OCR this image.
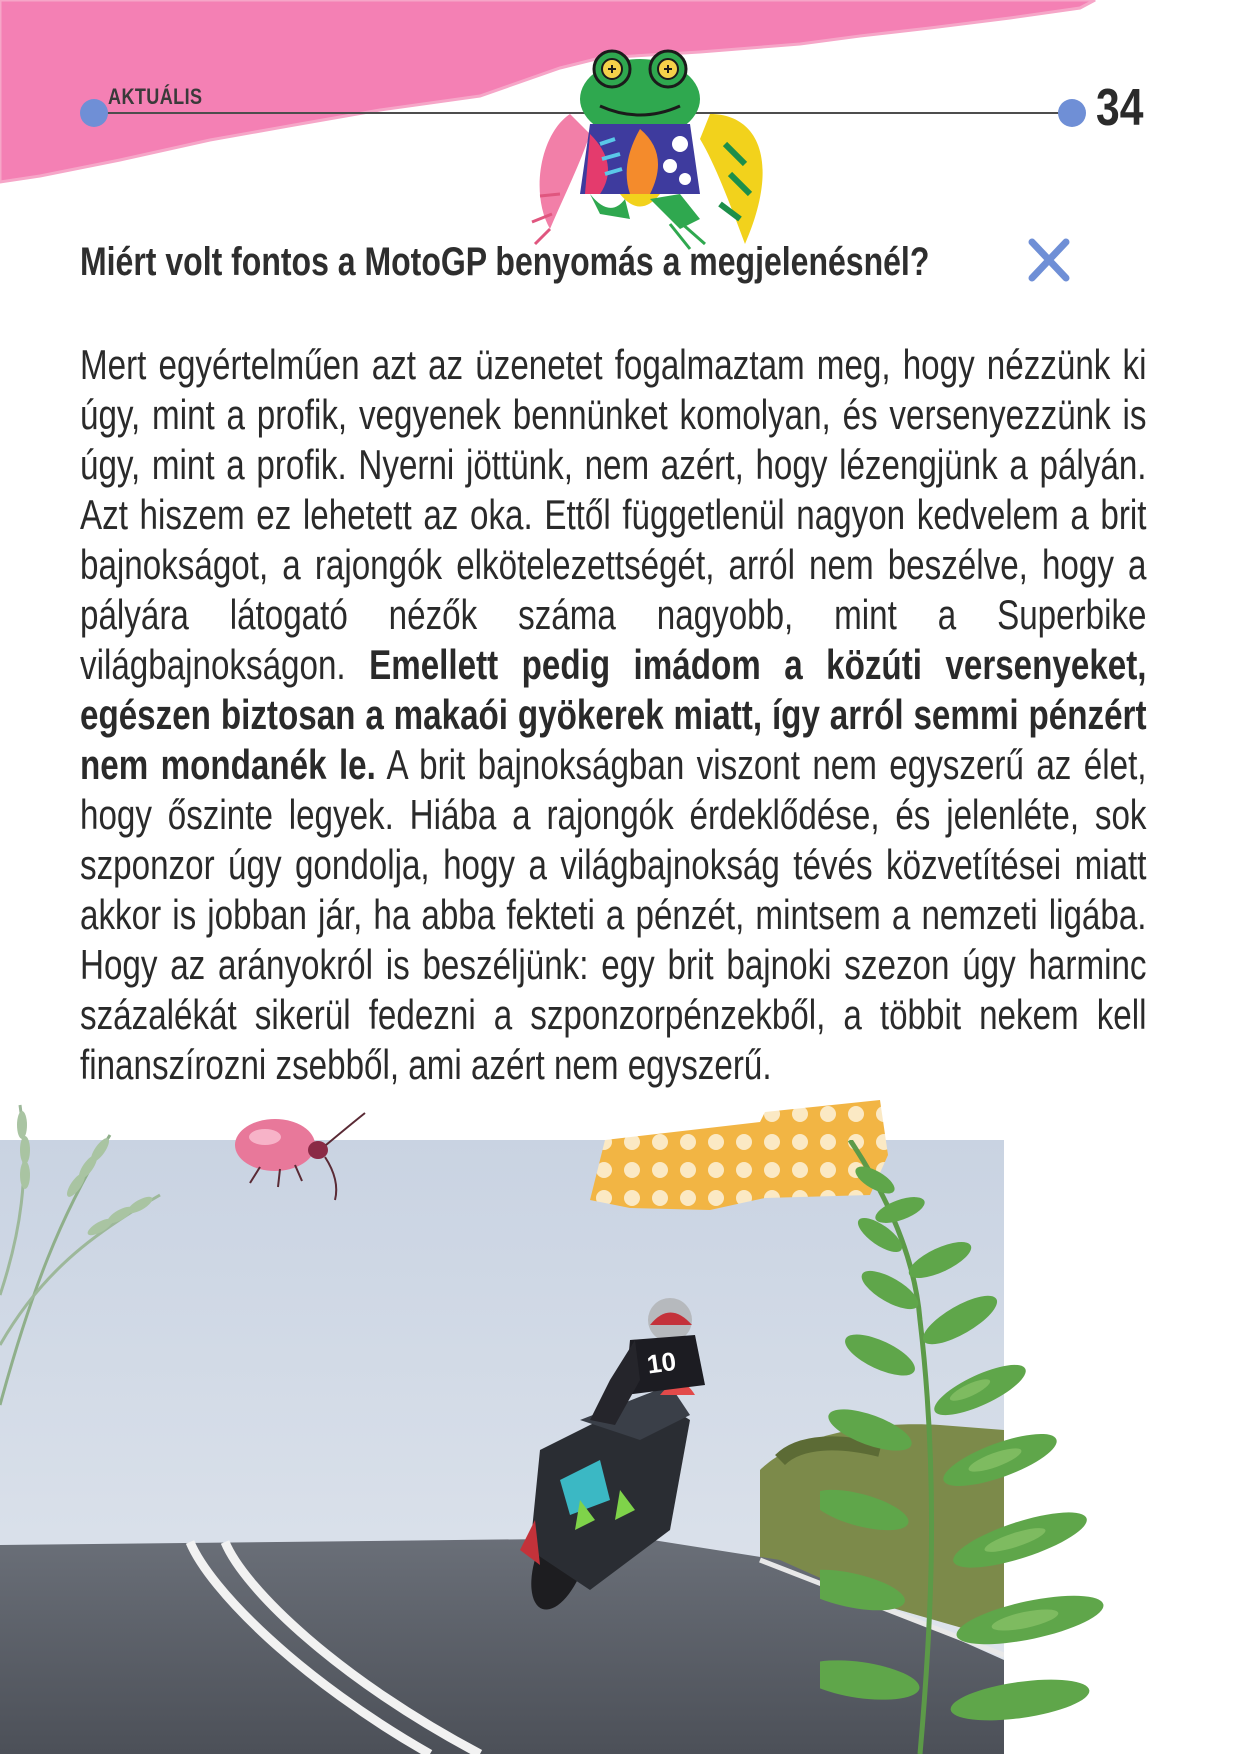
AKTUÁLIS	34
Miért volt fontos a MotoGP benyomás a megjelenésnél?
Mert egyértelműen azt az üzenetet fogalmaztam meg, hogy nézzünk ki úgy, mint a profik, vegyenek bennünket komolyan, és versenyezzünk is úgy, mint a profik. Nyerni jöttünk, nem azért, hogy lézengjünk a pályán. Azt hiszem ez lehetett az oka. Ettől függetlenül nagyon kedvelem a brit bajnokságot, a rajongók elkötelezettségét, arról nem beszélve, hogy a pályára látogató nézők száma nagyobb, mint a Superbike világbajnokságon. Emellett pedig imádom a közúti versenyeket, egészen biztosan a makaói gyökerek miatt, így arról semmi pénzért nem mondanék le. A brit bajnokságban viszont nem egyszerű az élet, hogy őszinte legyek. Hiába a rajongók érdeklődése, és jelenléte, sok szponzor úgy gondolja, hogy a világbajnokság tévés közvetítései miatt akkor is jobban jár, ha abba fekteti a pénzét, mintsem a nemzeti ligába. Hogy az arányokról is beszéljünk: egy brit bajnoki szezon úgy harminc százalékát sikerül fedezni a szponzorpénzekből, a többit nekem kell finanszírozni zsebből, ami azért nem egyszerű.
10
